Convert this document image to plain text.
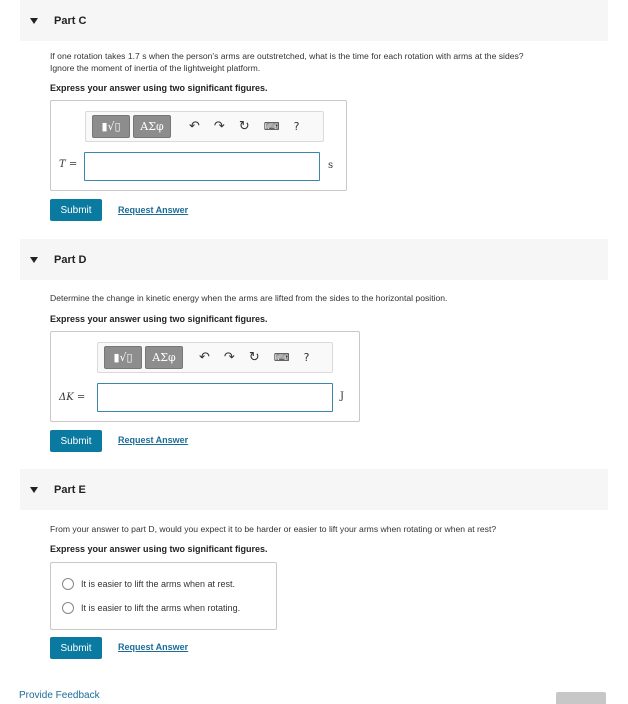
Part C
If one rotation takes 1.7 s when the person's arms are outstretched, what is the time for each rotation with arms at the sides?
Ignore the moment of inertia of the lightweight platform.
Express your answer using two significant figures.
▮√▯	ΑΣφ	↶ ↷ ↻ ⌨ ?
T =	s
Submit	Request Answer
Part D
Determine the change in kinetic energy when the arms are lifted from the sides to the horizontal position.
Express your answer using two significant figures.
▮√▯	ΑΣφ	↶ ↷ ↻ ⌨ ?
ΔK =	J
Submit	Request Answer
Part E
From your answer to part D, would you expect it to be harder or easier to lift your arms when rotating or when at rest?
Express your answer using two significant figures.
It is easier to lift the arms when at rest.
It is easier to lift the arms when rotating.
Submit	Request Answer
Provide Feedback
